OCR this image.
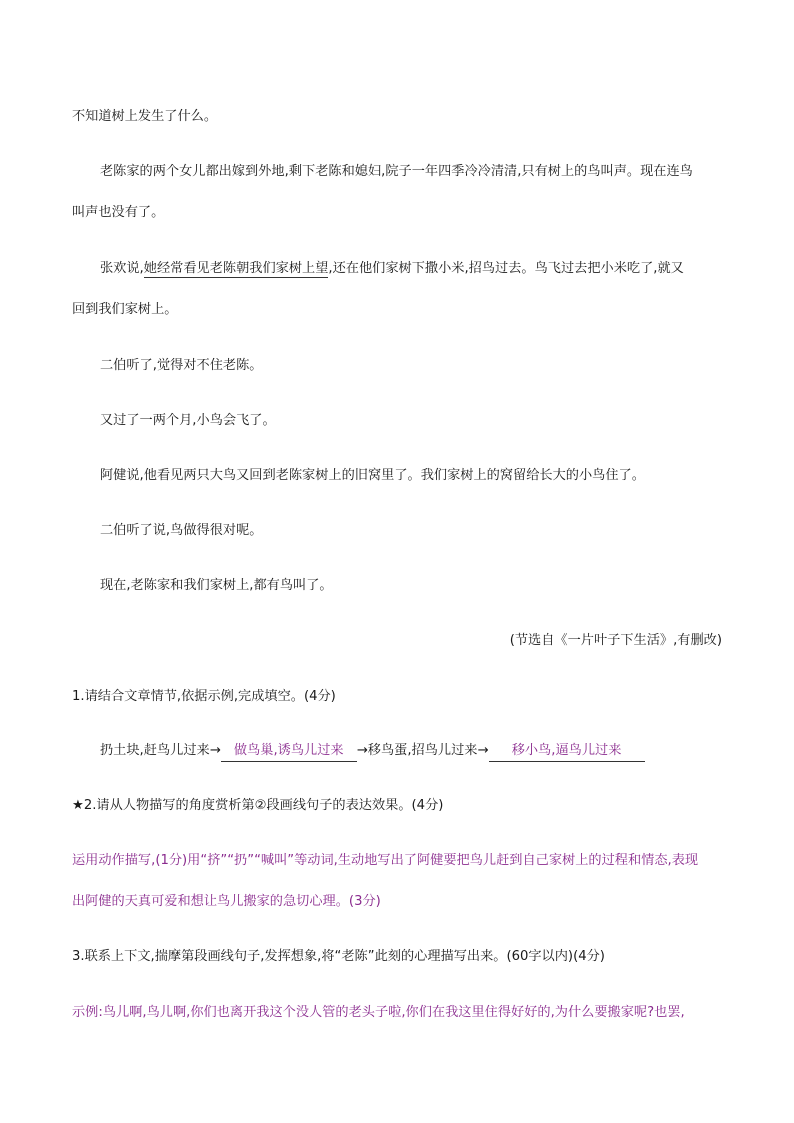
不知道树上发生了什么。
老陈家的两个女儿都出嫁到外地,剩下老陈和媳妇,院子一年四季冷冷清清,只有树上的鸟叫声。现在连鸟
叫声也没有了。
张欢说,她经常看见老陈朝我们家树上望,还在他们家树下撒小米,招鸟过去。鸟飞过去把小米吃了,就又
回到我们家树上。
二伯听了,觉得对不住老陈。
又过了一两个月,小鸟会飞了。
阿健说,他看见两只大鸟又回到老陈家树上的旧窝里了。我们家树上的窝留给长大的小鸟住了。
二伯听了说,鸟做得很对呢。
现在,老陈家和我们家树上,都有鸟叫了。
(节选自《一片叶子下生活》,有删改)
1.请结合文章情节,依据示例,完成填空。(4分)
扔土块,赶鸟儿过来→ 做鸟巢,诱鸟儿过来 →移鸟蛋,招鸟儿过来→ 移小鸟,逼鸟儿过来
★2.请从人物描写的角度赏析第②段画线句子的表达效果。(4分)
运用动作描写,(1分)用“挤”“扔”“喊叫”等动词,生动地写出了阿健要把鸟儿赶到自己家树上的过程和情态,表现
出阿健的天真可爱和想让鸟儿搬家的急切心理。(3分)
3.联系上下文,揣摩第段画线句子,发挥想象,将“老陈”此刻的心理描写出来。(60字以内)(4分)
示例:鸟儿啊,鸟儿啊,你们也离开我这个没人管的老头子啦,你们在我这里住得好好的,为什么要搬家呢?也罢,
